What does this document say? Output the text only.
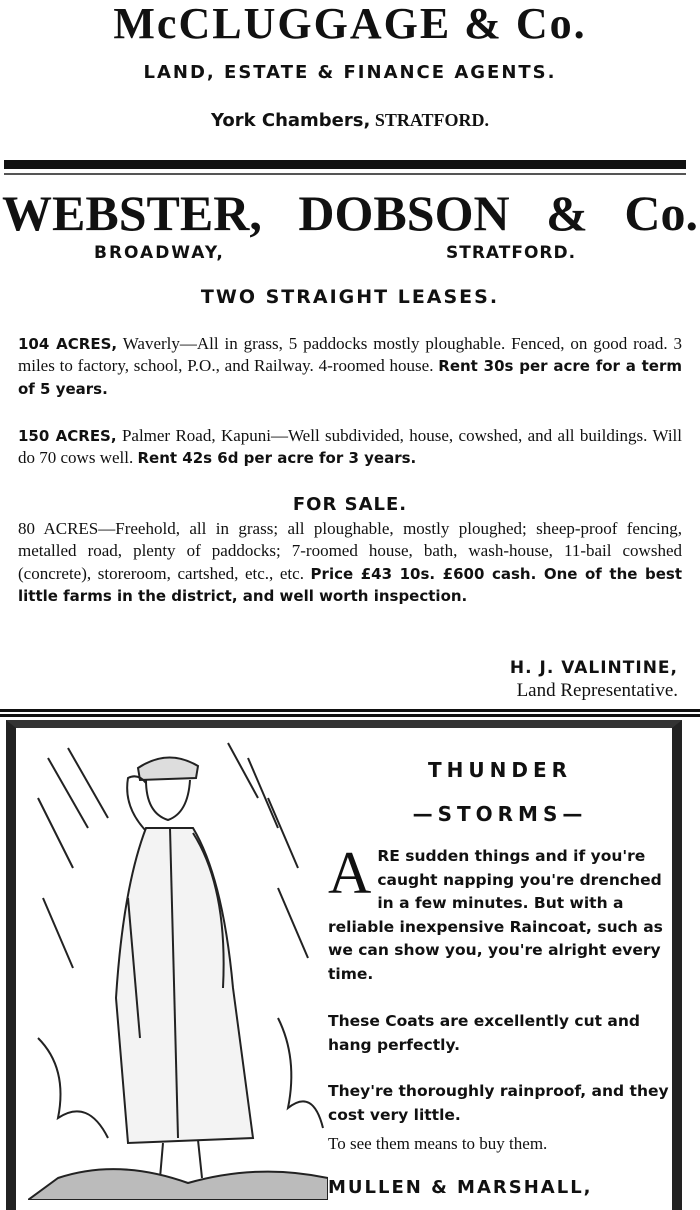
McCLUGGAGE & Co.
LAND, ESTATE & FINANCE AGENTS.
York Chambers, STRATFORD.
WEBSTER, DOBSON & Co.
BROADWAY,	STRATFORD.
TWO STRAIGHT LEASES.
104 ACRES, Waverly—All in grass, 5 paddocks mostly ploughable. Fenced, on good road. 3 miles to factory, school, P.O., and Railway. 4-roomed house. Rent 30s per acre for a term of 5 years.
150 ACRES, Palmer Road, Kapuni—Well subdivided, house, cowshed, and all buildings. Will do 70 cows well. Rent 42s 6d per acre for 3 years.
FOR SALE.
80 ACRES—Freehold, all in grass; all ploughable, mostly ploughed; sheep-proof fencing, metalled road, plenty of paddocks; 7-roomed house, bath, wash-house, 11-bail cowshed (concrete), storeroom, cartshed, etc., etc. Price £43 10s. £600 cash. One of the best little farms in the district, and well worth inspection.
H. J. VALINTINE,
Land Representative.
THUNDER
—STORMS—
A RE sudden things and if you're caught napping you're drenched in a few minutes. But with a reliable inexpensive Raincoat, such as we can show you, you're alright every time.
These Coats are excellently cut and hang perfectly.
They're thoroughly rainproof, and they cost very little.
To see them means to buy them.
MULLEN & MARSHALL,
